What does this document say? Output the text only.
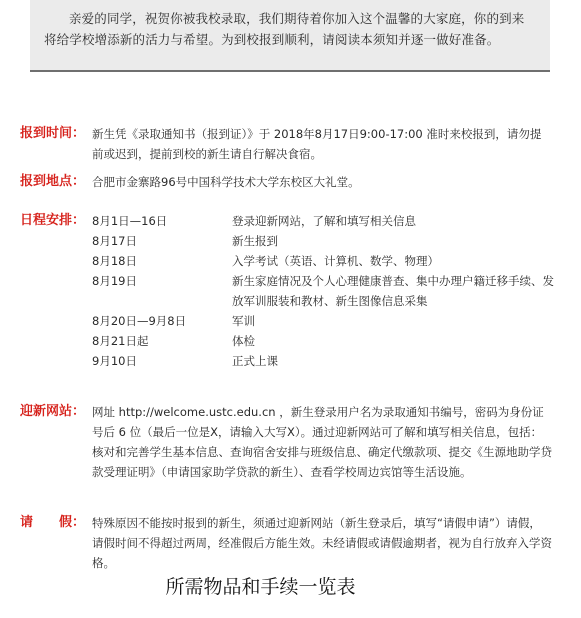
亲爱的同学，祝贺你被我校录取，我们期待着你加入这个温馨的大家庭，你的到来将给学校增添新的活力与希望。为到校报到顺利，请阅读本须知并逐一做好准备。

报到时间： 新生凭《录取通知书（报到证）》于 2018年8月17日9:00-17:00 准时来校报到，请勿提前或迟到，提前到校的新生请自行解决食宿。
报到地点： 合肥市金寨路96号中国科学技术大学东校区大礼堂。
日程安排： 8月1日—16日	登录迎新网站，了解和填写相关信息
8月17日	新生报到
8月18日	入学考试（英语、计算机、数学、物理）
8月19日	新生家庭情况及个人心理健康普查、集中办理户籍迁移手续、发放军训服装和教材、新生图像信息采集
8月20日—9月8日	军训
8月21日起	体检
9月10日	正式上课
迎新网站： 网址 http://welcome.ustc.edu.cn ，新生登录用户名为录取通知书编号，密码为身份证号后 6 位（最后一位是X，请输入大写X）。通过迎新网站可了解和填写相关信息，包括：核对和完善学生基本信息、查询宿舍安排与班级信息、确定代缴款项、提交《生源地助学贷款受理证明》（申请国家助学贷款的新生）、查看学校周边宾馆等生活设施。
请　　假： 特殊原因不能按时报到的新生，须通过迎新网站（新生登录后，填写“请假申请”）请假，请假时间不得超过两周，经准假后方能生效。未经请假或请假逾期者，视为自行放弃入学资格。
所需物品和手续一览表
